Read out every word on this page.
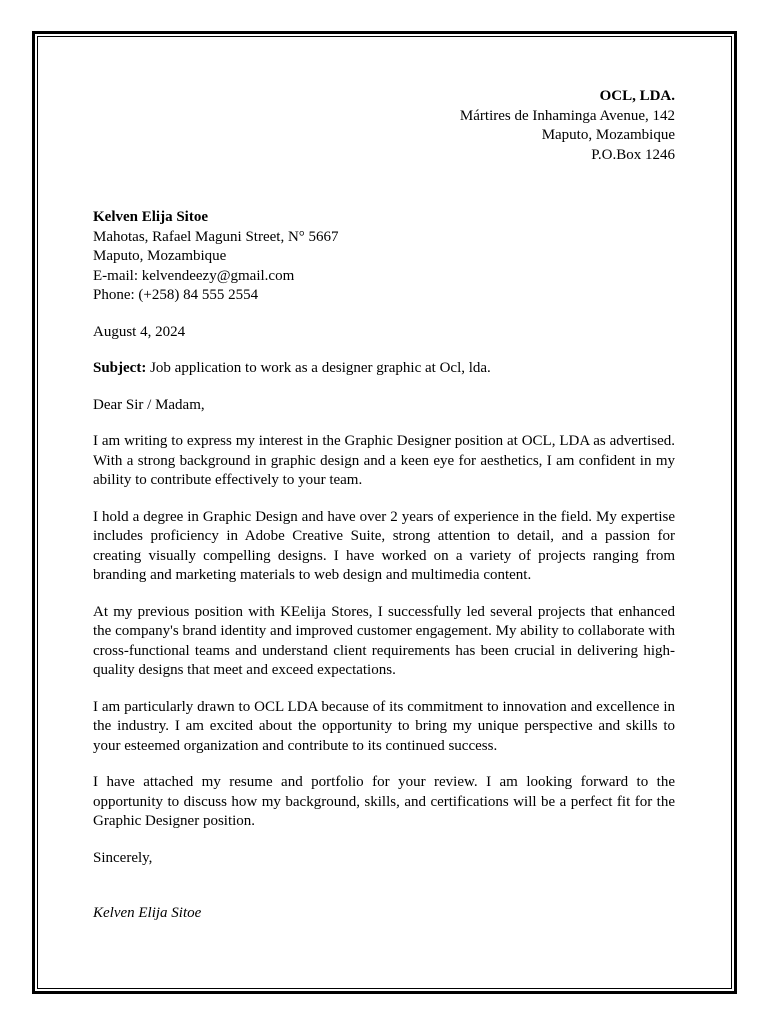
OCL, LDA.
Mártires de Inhaminga Avenue, 142
Maputo, Mozambique
P.O.Box 1246
Kelven Elija Sitoe
Mahotas, Rafael Maguni Street, N° 5667
Maputo, Mozambique
E-mail: kelvendeezy@gmail.com
Phone: (+258) 84 555 2554

August 4, 2024

Subject: Job application to work as a designer graphic at Ocl, lda.

Dear Sir / Madam,

I am writing to express my interest in the Graphic Designer position at OCL, LDA as advertised. With a strong background in graphic design and a keen eye for aesthetics, I am confident in my ability to contribute effectively to your team.

I hold a degree in Graphic Design and have over 2 years of experience in the field. My expertise includes proficiency in Adobe Creative Suite, strong attention to detail, and a passion for creating visually compelling designs. I have worked on a variety of projects ranging from branding and marketing materials to web design and multimedia content.

At my previous position with KEelija Stores, I successfully led several projects that enhanced the company's brand identity and improved customer engagement. My ability to collaborate with cross-functional teams and understand client requirements has been crucial in delivering high-quality designs that meet and exceed expectations.

I am particularly drawn to OCL LDA because of its commitment to innovation and excellence in the industry. I am excited about the opportunity to bring my unique perspective and skills to your esteemed organization and contribute to its continued success.

I have attached my resume and portfolio for your review. I am looking forward to the opportunity to discuss how my background, skills, and certifications will be a perfect fit for the Graphic Designer position.

Sincerely,

Kelven Elija Sitoe
